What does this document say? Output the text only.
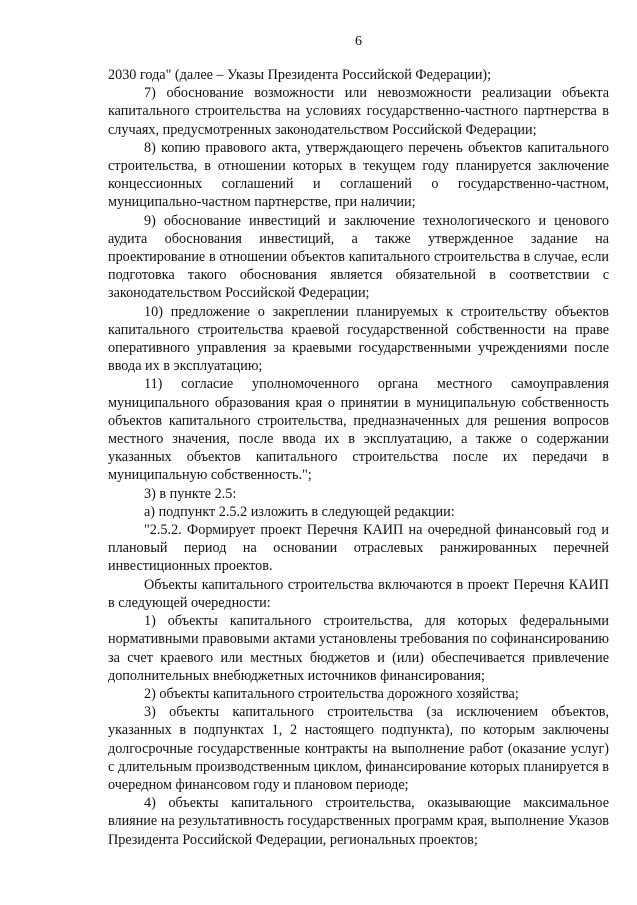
6

2030 года" (далее – Указы Президента Российской Федерации);

7) обоснование возможности или невозможности реализации объекта капитального строительства на условиях государственно-частного партнерства в случаях, предусмотренных законодательством Российской Федерации;

8) копию правового акта, утверждающего перечень объектов капитального строительства, в отношении которых в текущем году планируется заключение концессионных соглашений и соглашений о государственно-частном, муниципально-частном партнерстве, при наличии;

9) обоснование инвестиций и заключение технологического и ценового аудита обоснования инвестиций, а также утвержденное задание на проектирование в отношении объектов капитального строительства в случае, если подготовка такого обоснования является обязательной в соответствии с законодательством Российской Федерации;

10) предложение о закреплении планируемых к строительству объектов капитального строительства краевой государственной собственности на праве оперативного управления за краевыми государственными учреждениями после ввода их в эксплуатацию;

11) согласие уполномоченного органа местного самоуправления муниципального образования края о принятии в муниципальную собственность объектов капитального строительства, предназначенных для решения вопросов местного значения, после ввода их в эксплуатацию, а также о содержании указанных объектов капитального строительства после их передачи в муниципальную собственность.";

3) в пункте 2.5:

а) подпункт 2.5.2 изложить в следующей редакции:

"2.5.2. Формирует проект Перечня КАИП на очередной финансовый год и плановый период на основании отраслевых ранжированных перечней инвестиционных проектов.

Объекты капитального строительства включаются в проект Перечня КАИП в следующей очередности:

1) объекты капитального строительства, для которых федеральными нормативными правовыми актами установлены требования по софинансированию за счет краевого или местных бюджетов и (или) обеспечивается привлечение дополнительных внебюджетных источников финансирования;

2) объекты капитального строительства дорожного хозяйства;

3) объекты капитального строительства (за исключением объектов, указанных в подпунктах 1, 2 настоящего подпункта), по которым заключены долгосрочные государственные контракты на выполнение работ (оказание услуг) с длительным производственным циклом, финансирование которых планируется в очередном финансовом году и плановом периоде;

4) объекты капитального строительства, оказывающие максимальное влияние на результативность государственных программ края, выполнение Указов Президента Российской Федерации, региональных проектов;
